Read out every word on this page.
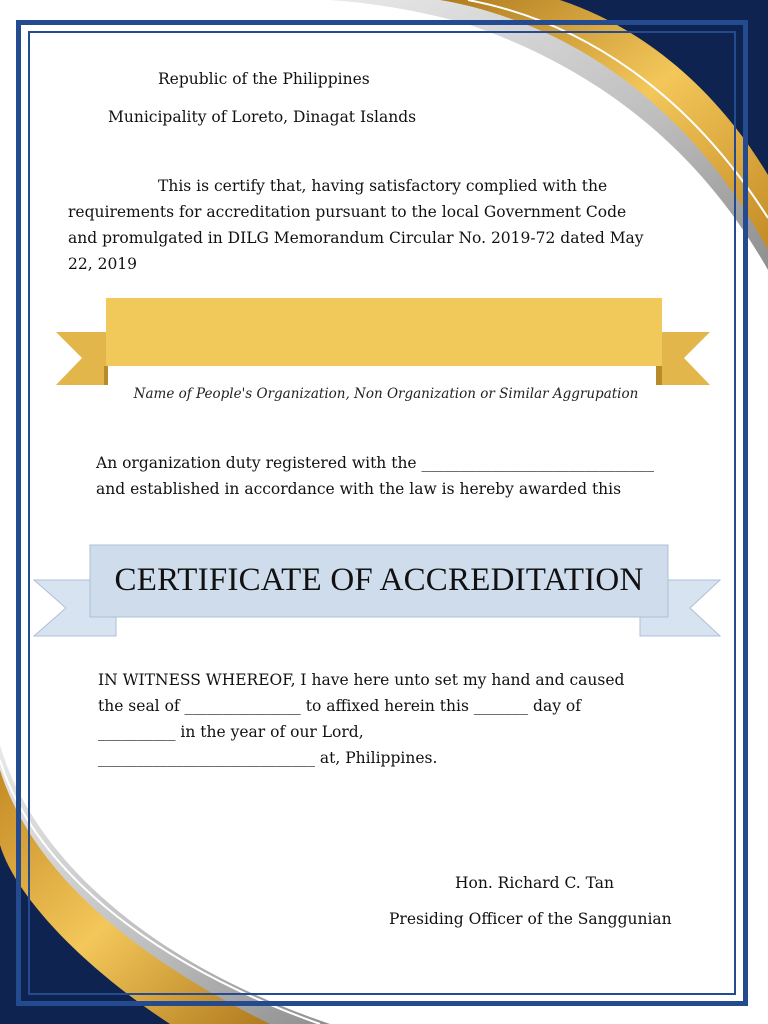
Republic of the Philippines
Municipality of Loreto, Dinagat Islands
This is certify that, having satisfactory complied with the
requirements for accreditation pursuant to the local Government Code
and promulgated in DILG Memorandum Circular No. 2019-72 dated May
22, 2019
Name of People's Organization, Non Organization or Similar Aggrupation
An organization duty registered with the ______________________________
and established in accordance with the law is hereby awarded this
CERTIFICATE OF ACCREDITATION
IN WITNESS WHEREOF, I have here unto set my hand and caused
the seal of _______________ to affixed herein this _______ day of
__________ in the year of our Lord,
____________________________ at, Philippines.
Hon. Richard C. Tan
Presiding Officer of the Sanggunian
